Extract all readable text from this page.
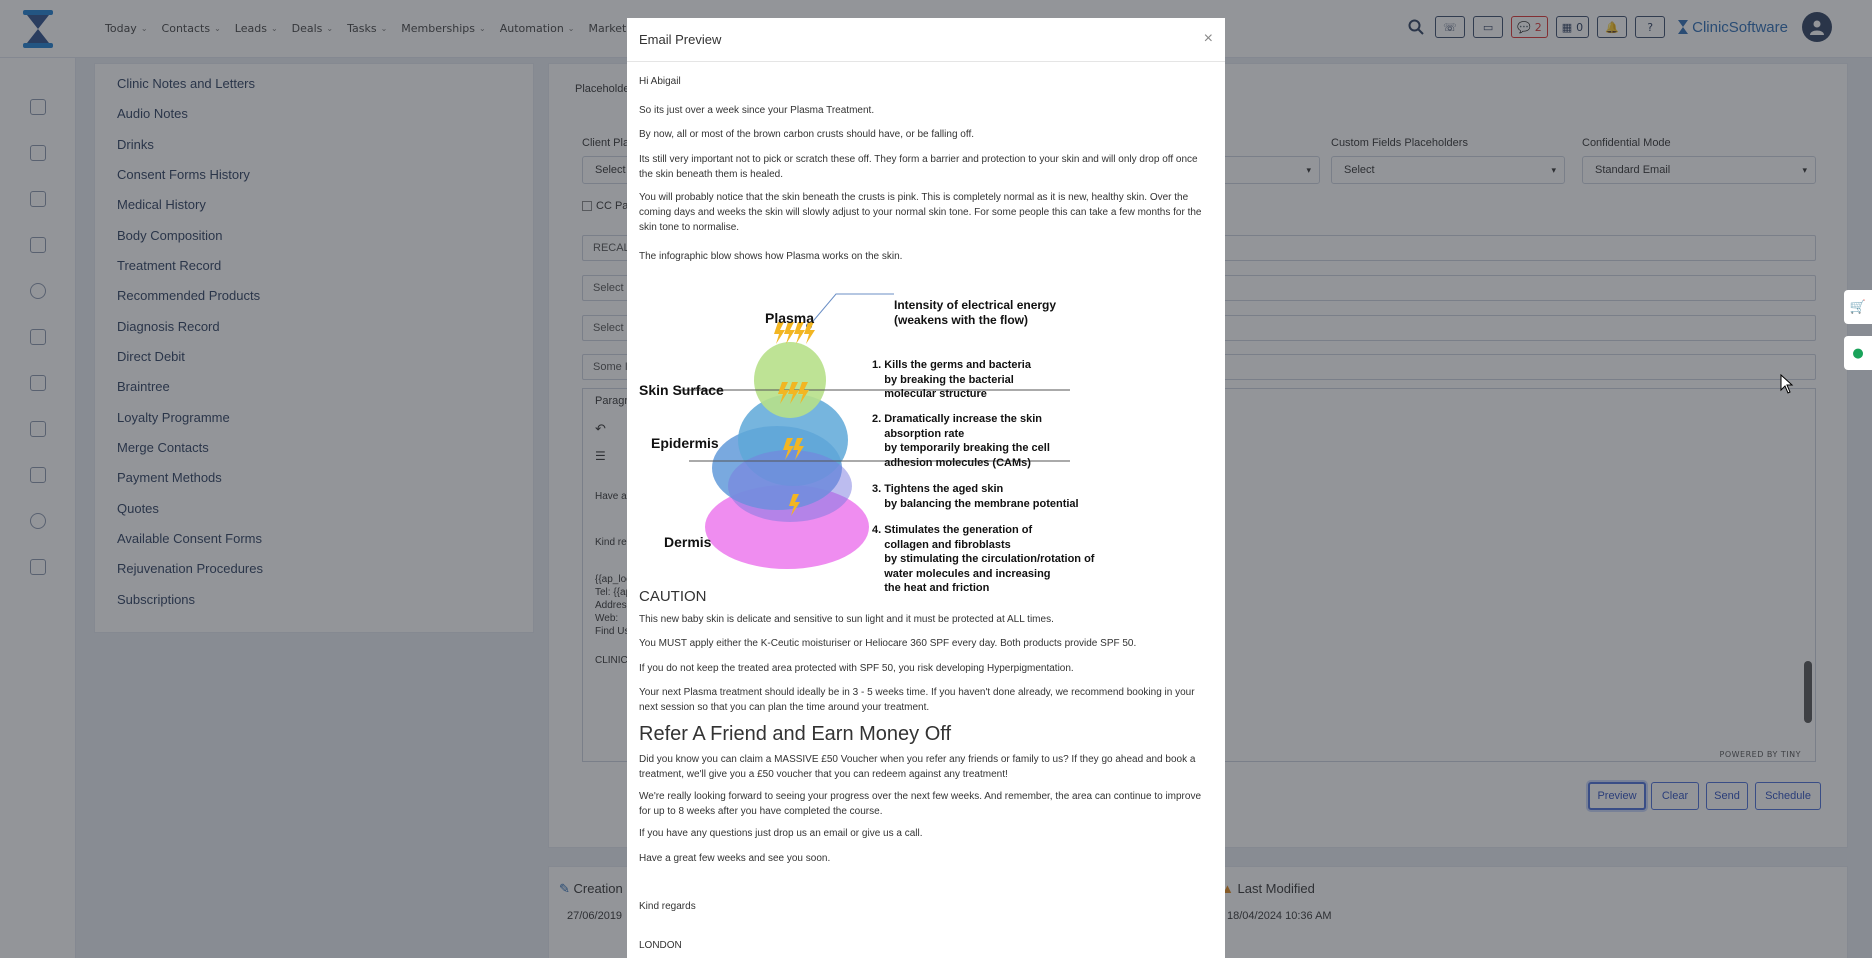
🛒
●
Email Preview	×
Hi Abigail
So its just over a week since your Plasma Treatment.
By now, all or most of the brown carbon crusts should have, or be falling off.
Its still very important not to pick or scratch these off. They form a barrier and protection to your skin and will only drop off once the skin beneath them is healed.
You will probably notice that the skin beneath the crusts is pink. This is completely normal as it is new, healthy skin. Over the coming days and weeks the skin will slowly adjust to your normal skin tone. For some people this can take a few months for the skin tone to normalise.
The infographic blow shows how Plasma works on the skin.
Plasma
Intensity of electrical energy
(weakens with the flow)
Skin Surface
Epidermis
Dermis
1. Kills the germs and bacteria
by breaking the bacterial
molecular structure
2. Dramatically increase the skin
absorption rate
by temporarily breaking the cell
adhesion molecules (CAMs)
3. Tightens the aged skin
by balancing the membrane potential
4. Stimulates the generation of
collagen and fibroblasts
by stimulating the circulation/rotation of
water molecules and increasing
the heat and friction
CAUTION
This new baby skin is delicate and sensitive to sun light and it must be protected at ALL times.
You MUST apply either the K-Ceutic moisturiser or Heliocare 360 SPF every day. Both products provide SPF 50.
If you do not keep the treated area protected with SPF 50, you risk developing Hyperpigmentation.
Your next Plasma treatment should ideally be in 3 - 5 weeks time. If you haven't done already, we recommend booking in your next session so that you can plan the time around your treatment.
Refer A Friend and Earn Money Off
Did you know you can claim a MASSIVE £50 Voucher when you refer any friends or family to us? If they go ahead and book a treatment, we'll give you a £50 voucher that you can redeem against any treatment!
We're really looking forward to seeing your progress over the next few weeks. And remember, the area can continue to improve for up to 8 weeks after you have completed the course.
If you have any questions just drop us an email or give us a call.
Have a great few weeks and see you soon.
Kind regards
LONDON
